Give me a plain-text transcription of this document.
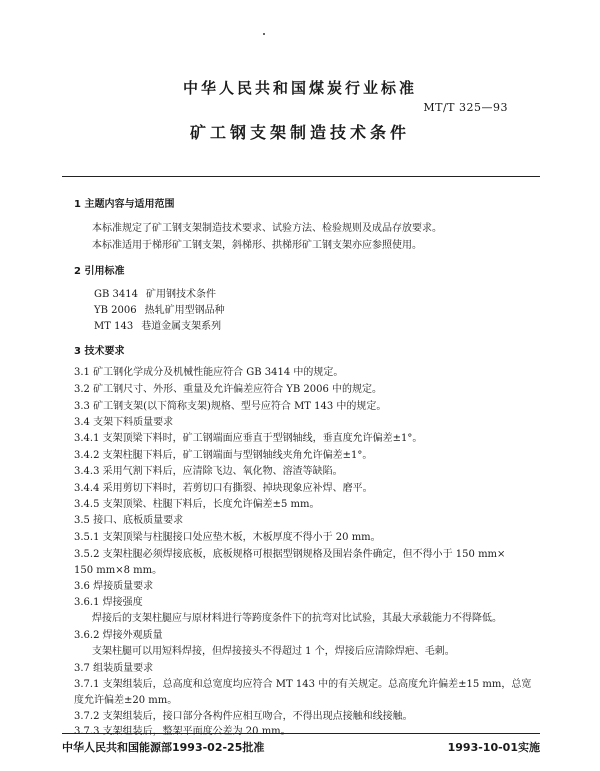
中华人民共和国煤炭行业标准
MT/T 325—93
矿工钢支架制造技术条件
1 主题内容与适用范围
本标准规定了矿工钢支架制造技术要求、试验方法、检验规则及成品存放要求。
本标准适用于梯形矿工钢支架，斜梯形、拱梯形矿工钢支架亦应参照使用。
2 引用标准
GB 3414 矿用钢技术条件
YB 2006 热轧矿用型钢品种
MT 143 巷道金属支架系列
3 技术要求
3.1 矿工钢化学成分及机械性能应符合 GB 3414 中的规定。
3.2 矿工钢尺寸、外形、重量及允许偏差应符合 YB 2006 中的规定。
3.3 矿工钢支架(以下简称支架)规格、型号应符合 MT 143 中的规定。
3.4 支架下料质量要求
3.4.1 支架顶梁下料时，矿工钢端面应垂直于型钢轴线，垂直度允许偏差±1°。
3.4.2 支架柱腿下料后，矿工钢端面与型钢轴线夹角允许偏差±1°。
3.4.3 采用气割下料后，应清除飞边、氧化物、溶渣等缺陷。
3.4.4 采用剪切下料时，若剪切口有撕裂、掉块现象应补焊、磨平。
3.4.5 支架顶梁、柱腿下料后，长度允许偏差±5 mm。
3.5 接口、底板质量要求
3.5.1 支架顶梁与柱腿接口处应垫木板，木板厚度不得小于 20 mm。
3.5.2 支架柱腿必须焊接底板，底板规格可根据型钢规格及围岩条件确定，但不得小于 150 mm×
150 mm×8 mm。
3.6 焊接质量要求
3.6.1 焊接强度
焊接后的支架柱腿应与原材料进行等跨度条件下的抗弯对比试验，其最大承载能力不得降低。
3.6.2 焊接外观质量
支架柱腿可以用短料焊接，但焊接接头不得超过 1 个，焊接后应清除焊疤、毛刺。
3.7 组装质量要求
3.7.1 支架组装后，总高度和总宽度均应符合 MT 143 中的有关规定。总高度允许偏差±15 mm，总宽
度允许偏差±20 mm。
3.7.2 支架组装后，接口部分各构件应相互吻合，不得出现点接触和线接触。
3.7.3 支架组装后，整架平面度公差为 20 mm。
中华人民共和国能源部1993-02-25批准	1993-10-01实施
